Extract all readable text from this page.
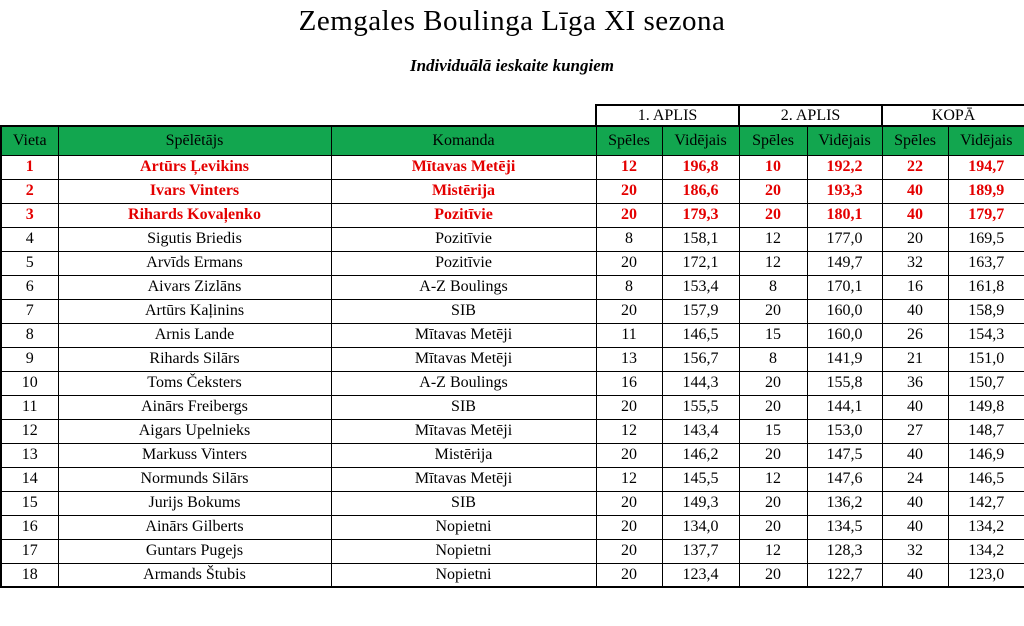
Zemgales Boulinga Līga XI sezona
Individuālā ieskaite kungiem
			1. APLIS		2. APLIS		KOPĀ	
Vieta	Spēlētājs	Komanda	Spēles	Vidējais	Spēles	Vidējais	Spēles	Vidējais
1	Artūrs Ļevikins	Mītavas Metēji	12	196,8	10	192,2	22	194,7
2	Ivars Vinters	Mistērija	20	186,6	20	193,3	40	189,9
3	Rihards Kovaļenko	Pozitīvie	20	179,3	20	180,1	40	179,7
4	Sigutis Briedis	Pozitīvie	8	158,1	12	177,0	20	169,5
5	Arvīds Ermans	Pozitīvie	20	172,1	12	149,7	32	163,7
6	Aivars Zizlāns	A-Z Boulings	8	153,4	8	170,1	16	161,8
7	Artūrs Kaļinins	SIB	20	157,9	20	160,0	40	158,9
8	Arnis Lande	Mītavas Metēji	11	146,5	15	160,0	26	154,3
9	Rihards Silārs	Mītavas Metēji	13	156,7	8	141,9	21	151,0
10	Toms Čeksters	A-Z Boulings	16	144,3	20	155,8	36	150,7
11	Ainārs Freibergs	SIB	20	155,5	20	144,1	40	149,8
12	Aigars Upelnieks	Mītavas Metēji	12	143,4	15	153,0	27	148,7
13	Markuss Vinters	Mistērija	20	146,2	20	147,5	40	146,9
14	Normunds Silārs	Mītavas Metēji	12	145,5	12	147,6	24	146,5
15	Jurijs Bokums	SIB	20	149,3	20	136,2	40	142,7
16	Ainārs Gilberts	Nopietni	20	134,0	20	134,5	40	134,2
17	Guntars Pugejs	Nopietni	20	137,7	12	128,3	32	134,2
18	Armands Štubis	Nopietni	20	123,4	20	122,7	40	123,0
